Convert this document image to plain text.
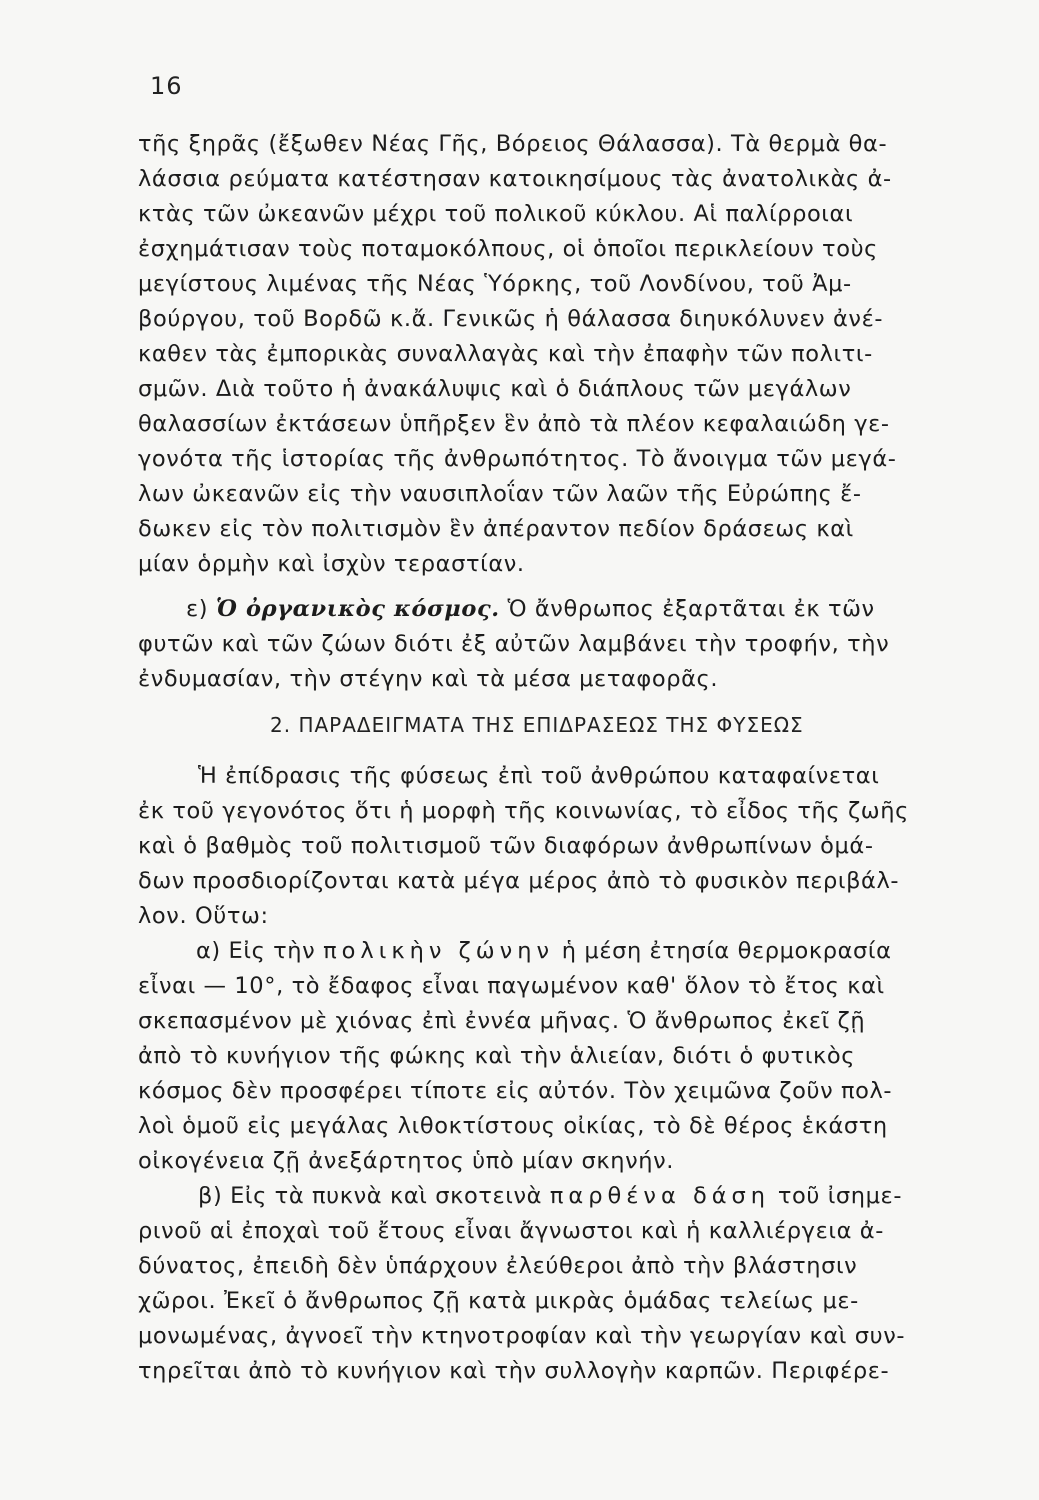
16
τῆς ξηρᾶς (ἔξωθεν Νέας Γῆς, Βόρειος Θάλασσα). Τὰ θερμὰ θα-
λάσσια ρεύματα κατέστησαν κατοικησίμους τὰς ἀνατολικὰς ἀ-
κτὰς τῶν ὠκεανῶν μέχρι τοῦ πολικοῦ κύκλου. Αἱ παλίρροιαι
ἐσχημάτισαν τοὺς ποταμοκόλπους, οἱ ὁποῖοι περικλείουν τοὺς
μεγίστους λιμένας τῆς Νέας Ὑόρκης, τοῦ Λονδίνου, τοῦ Ἀμ-
βούργου, τοῦ Βορδῶ κ.ἄ. Γενικῶς ἡ θάλασσα διηυκόλυνεν ἀνέ-
καθεν τὰς ἐμπορικὰς συναλλαγὰς καὶ τὴν ἐπαφὴν τῶν πολιτι-
σμῶν. Διὰ τοῦτο ἡ ἀνακάλυψις καὶ ὁ διάπλους τῶν μεγάλων
θαλασσίων ἐκτάσεων ὑπῆρξεν ἓν ἀπὸ τὰ πλέον κεφαλαιώδη γε-
γονότα τῆς ἱστορίας τῆς ἀνθρωπότητος. Τὸ ἄνοιγμα τῶν μεγά-
λων ὠκεανῶν εἰς τὴν ναυσιπλοΐαν τῶν λαῶν τῆς Εὐρώπης ἔ-
δωκεν εἰς τὸν πολιτισμὸν ἓν ἀπέραντον πεδίον δράσεως καὶ
μίαν ὁρμὴν καὶ ἰσχὺν τεραστίαν.
ε) Ὁ ὀργανικὸς κόσμος. Ὁ ἄνθρωπος ἐξαρτᾶται ἐκ τῶν
φυτῶν καὶ τῶν ζώων διότι ἐξ αὐτῶν λαμβάνει τὴν τροφήν, τὴν
ἐνδυμασίαν, τὴν στέγην καὶ τὰ μέσα μεταφορᾶς.
2. ΠΑΡΑΔΕΙΓΜΑΤΑ ΤΗΣ ΕΠΙΔΡΑΣΕΩΣ ΤΗΣ ΦΥΣΕΩΣ
Ἡ ἐπίδρασις τῆς φύσεως ἐπὶ τοῦ ἀνθρώπου καταφαίνεται
ἐκ τοῦ γεγονότος ὅτι ἡ μορφὴ τῆς κοινωνίας, τὸ εἶδος τῆς ζωῆς
καὶ ὁ βαθμὸς τοῦ πολιτισμοῦ τῶν διαφόρων ἀνθρωπίνων ὁμά-
δων προσδιορίζονται κατὰ μέγα μέρος ἀπὸ τὸ φυσικὸν περιβάλ-
λον. Οὕτω:
α) Εἰς τὴν πολικὴν ζώνην ἡ μέση ἐτησία θερμοκρασία
εἶναι — 10°, τὸ ἔδαφος εἶναι παγωμένον καθ' ὅλον τὸ ἔτος καὶ
σκεπασμένον μὲ χιόνας ἐπὶ ἐννέα μῆνας. Ὁ ἄνθρωπος ἐκεῖ ζῇ
ἀπὸ τὸ κυνήγιον τῆς φώκης καὶ τὴν ἁλιείαν, διότι ὁ φυτικὸς
κόσμος δὲν προσφέρει τίποτε εἰς αὐτόν. Τὸν χειμῶνα ζοῦν πολ-
λοὶ ὁμοῦ εἰς μεγάλας λιθοκτίστους οἰκίας, τὸ δὲ θέρος ἑκάστη
οἰκογένεια ζῇ ἀνεξάρτητος ὑπὸ μίαν σκηνήν.
β) Εἰς τὰ πυκνὰ καὶ σκοτεινὰ παρθένα δάση τοῦ ἰσημε-
ρινοῦ αἱ ἐποχαὶ τοῦ ἔτους εἶναι ἄγνωστοι καὶ ἡ καλλιέργεια ἀ-
δύνατος, ἐπειδὴ δὲν ὑπάρχουν ἐλεύθεροι ἀπὸ τὴν βλάστησιν
χῶροι. Ἐκεῖ ὁ ἄνθρωπος ζῇ κατὰ μικρὰς ὁμάδας τελείως με-
μονωμένας, ἀγνοεῖ τὴν κτηνοτροφίαν καὶ τὴν γεωργίαν καὶ συν-
τηρεῖται ἀπὸ τὸ κυνήγιον καὶ τὴν συλλογὴν καρπῶν. Περιφέρε-
